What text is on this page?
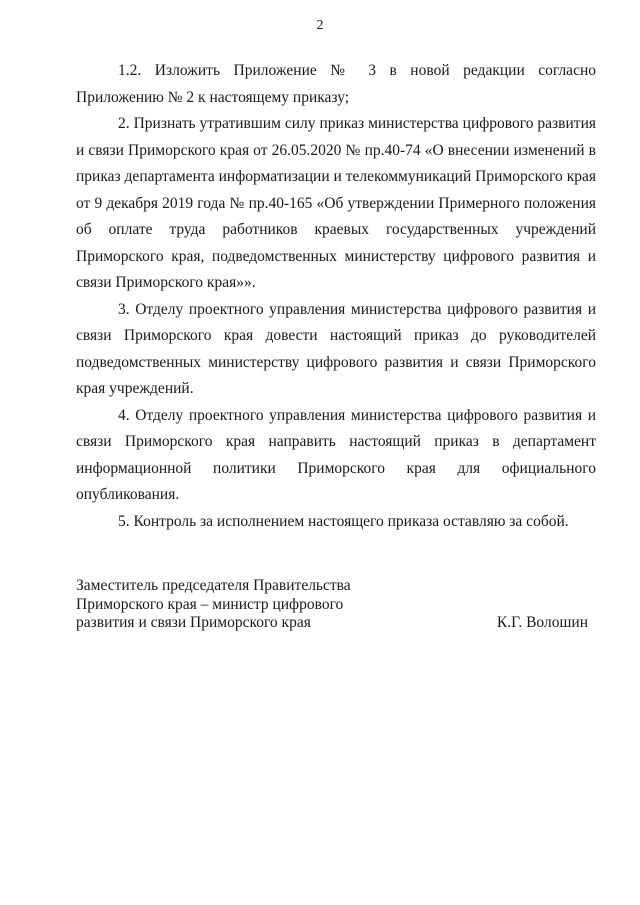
2

1.2. Изложить Приложение № 3 в новой редакции согласно Приложению № 2 к настоящему приказу;

2. Признать утратившим силу приказ министерства цифрового развития и связи Приморского края от 26.05.2020 № пр.40-74 «О внесении изменений в приказ департамента информатизации и телекоммуникаций Приморского края от 9 декабря 2019 года № пр.40-165 «Об утверждении Примерного положения об оплате труда работников краевых государственных учреждений Приморского края, подведомственных министерству цифрового развития и связи Приморского края»».

3. Отделу проектного управления министерства цифрового развития и связи Приморского края довести настоящий приказ до руководителей подведомственных министерству цифрового развития и связи Приморского края учреждений.

4. Отделу проектного управления министерства цифрового развития и связи Приморского края направить настоящий приказ в департамент информационной политики Приморского края для официального опубликования.

5. Контроль за исполнением настоящего приказа оставляю за собой.

Заместитель председателя Правительства
Приморского края – министр цифрового
развития и связи Приморского края	К.Г. Волошин
